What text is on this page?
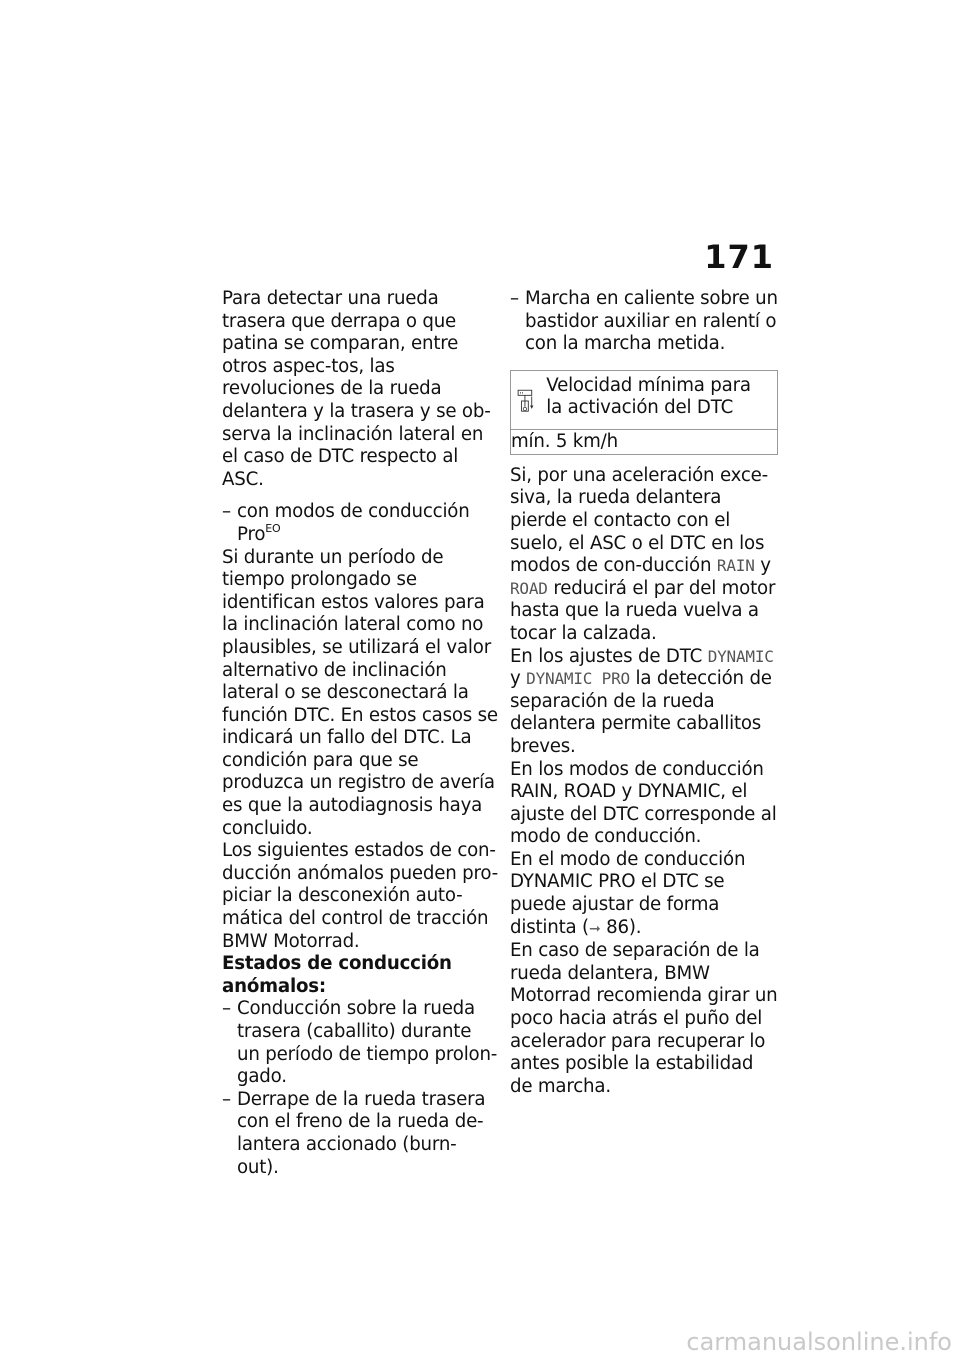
171

Para detectar una rueda trasera que derrapa o que patina se comparan, entre otros aspec-tos, las revoluciones de la rueda delantera y la trasera y se ob-serva la inclinación lateral en el caso de DTC respecto al ASC.

– con modos de conducción Pro$^{EO}$

Si durante un período de tiempo prolongado se identifican estos valores para la inclinación lateral como no plausibles, se utilizará el valor alternativo de inclinación lateral o se desconectará la función DTC. En estos casos se indicará un fallo del DTC. La condición para que se produzca un registro de avería es que la autodiagnosis haya concluido.

Los siguientes estados de con-ducción anómalos pueden pro-piciar la desconexión auto-mática del control de tracción BMW Motorrad.

Estados de conducción anómalos:

– Conducción sobre la rueda trasera (caballito) durante un período de tiempo prolon-gado.
– Derrape de la rueda trasera con el freno de la rueda de-lantera accionado (burn-out).
– Marcha en caliente sobre un bastidor auxiliar en ralentí o con la marcha metida.
Velocidad mínima para la activación del DTC

mín. 5 km/h

Si, por una aceleración exce-siva, la rueda delantera pierde el contacto con el suelo, el ASC o el DTC en los modos de con-ducción RAIN y ROAD reducirá el par del motor hasta que la rueda vuelva a tocar la calzada.

En los ajustes de DTC DYNAMIC y DYNAMIC PRO la detección de separación de la rueda delantera permite caballitos breves.

En los modos de conducción RAIN, ROAD y DYNAMIC, el ajuste del DTC corresponde al modo de conducción.

En el modo de conducción DYNAMIC PRO el DTC se puede ajustar de forma distinta (➞ 86).

En caso de separación de la rueda delantera, BMW Motorrad recomienda girar un poco hacia atrás el puño del acelerador para recuperar lo antes posible la estabilidad de marcha.

carmanualsonline.info
